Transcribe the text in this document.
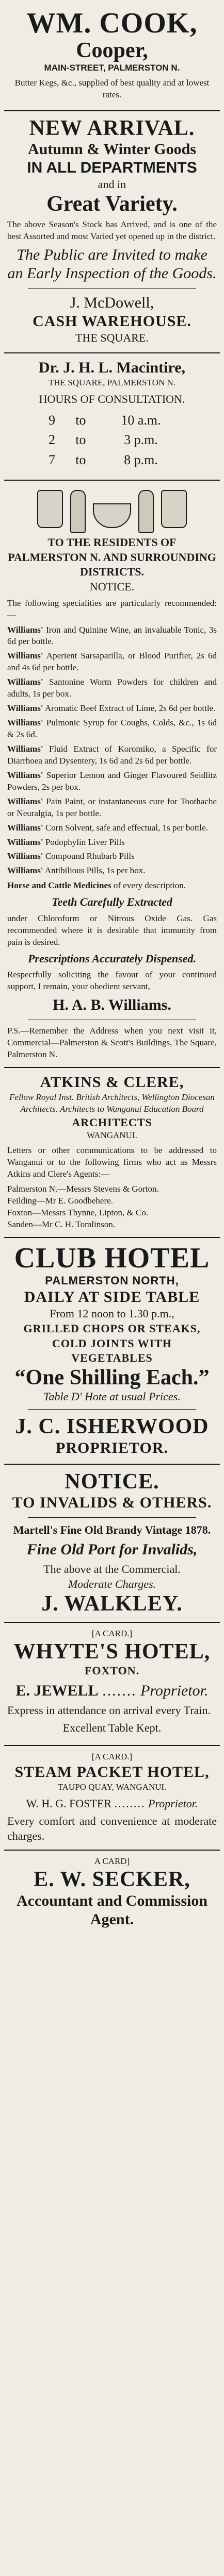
WM. COOK,
Cooper,
MAIN-STREET, PALMERSTON N.
Butter Kegs, &c., supplied of best quality and at lowest rates.
NEW ARRIVAL.
Autumn & Winter Goods
IN ALL DEPARTMENTS
and in
Great Variety.
The above Season's Stock has Arrived, and is one of the best Assorted and most Varied yet opened up in the district.
The Public are Invited to make an Early Inspection of the Goods.
J. McDowell,
CASH WAREHOUSE.
THE SQUARE.
Dr. J. H. L. Macintire,
THE SQUARE, PALMERSTON N.
HOURS OF CONSULTATION.
9	to	10 a.m.
2	to	3 p.m.
7	to	8 p.m.
TO THE RESIDENTS OF PALMERSTON N. AND SURROUNDING DISTRICTS.
NOTICE.
The following specialities are particularly recommended:—

Williams' Iron and Quinine Wine, an invaluable Tonic, 3s 6d per bottle.

Williams' Aperient Sarsaparilla, or Blood Purifier, 2s 6d and 4s 6d per bottle.

Williams' Santonine Worm Powders for children and adults, 1s per box.

Williams' Aromatic Beef Extract of Lime, 2s 6d per bottle.

Williams' Pulmonic Syrup for Coughs, Colds, &c., 1s 6d & 2s 6d.

Williams' Fluid Extract of Koromiko, a Specific for Diarrhoea and Dysentery, 1s 6d and 2s 6d per bottle.

Williams' Superior Lemon and Ginger Flavoured Seidlitz Powders, 2s per box.

Williams' Pain Paint, or instantaneous cure for Toothache or Neuralgia, 1s per bottle.

Williams' Corn Solvent, safe and effectual, 1s per bottle.

Williams' Podophylin Liver Pills

Williams' Compound Rhubarb Pills

Williams' Antibilious Pills, 1s per box.

Horse and Cattle Medicines of every description.
Teeth Carefully Extracted
under Chloroform or Nitrous Oxide Gas. Gas recommended where it is desirable that immunity from pain is desired.
Prescriptions Accurately Dispensed.
Respectfully soliciting the favour of your continued support, I remain, your obedient servant,
H. A. B. Williams.
P.S.—Remember the Address when you next visit it, Commercial—Palmerston & Scott's Buildings, The Square, Palmerston N.
ATKINS & CLERE,
Fellow Royal Inst. British Architects, Wellington Diocesan Architects. Architects to Wanganui Education Board
ARCHITECTS
WANGANUI.
Letters or other communications to be addressed to Wanganui or to the following firms who act as Messrs Atkins and Clere's Agents:—
Palmerston N.—Messrs Stevens & Gorton.
Feilding—Mr E. Goodbehere.
Foxton—Messrs Thynne, Lipton, & Co.
Sanden—Mr C. H. Tomlinson.
CLUB HOTEL
PALMERSTON NORTH,
DAILY AT SIDE TABLE
From 12 noon to 1.30 p.m.,
GRILLED CHOPS OR STEAKS,
COLD JOINTS WITH
VEGETABLES
“One Shilling Each.”
Table D' Hote at usual Prices.
J. C. ISHERWOOD
PROPRIETOR.
NOTICE.
TO INVALIDS & OTHERS.
Martell's Fine Old Brandy Vintage 1878.
Fine Old Port for Invalids,
The above at the Commercial.
Moderate Charges.
J. WALKLEY.
[A CARD.]
WHYTE'S HOTEL,
FOXTON.
E. JEWELL ....... Proprietor.
Express in attendance on arrival every Train.
Excellent Table Kept.
[A CARD.]
STEAM PACKET HOTEL,
TAUPO QUAY, WANGANUI.
W. H. G. FOSTER ........ Proprietor.
Every comfort and convenience at moderate charges.
A CARD]
E. W. SECKER,
Accountant and Commission Agent.
